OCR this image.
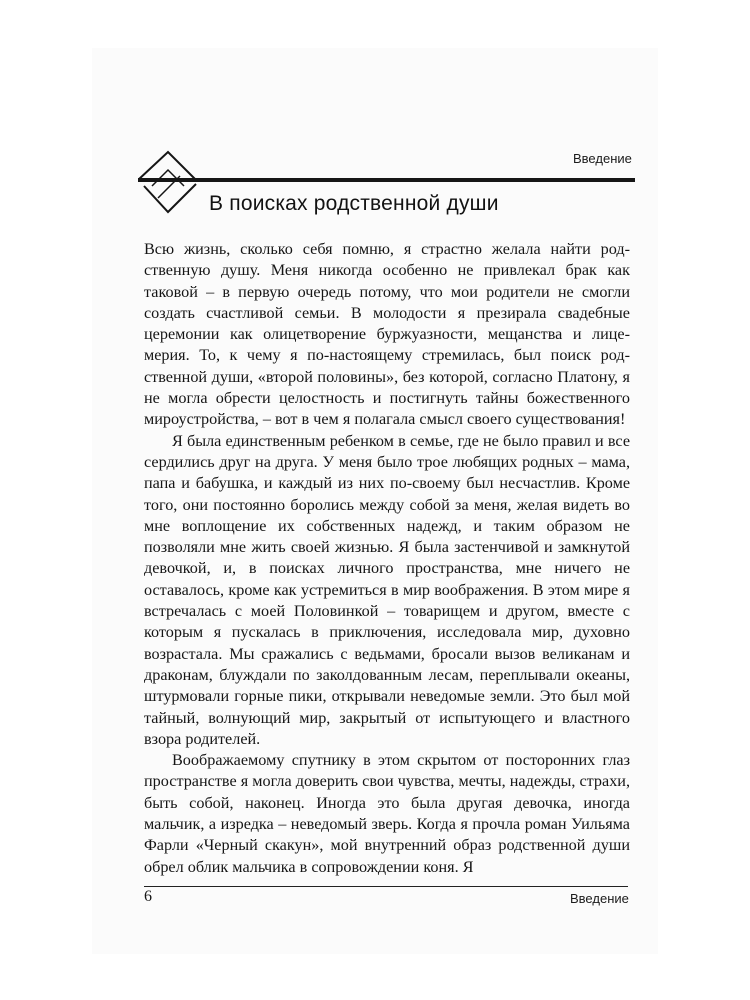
Введение
В поисках родственной души

Всю жизнь, сколько себя помню, я страстно желала найти родственную душу. Меня никогда особенно не привлекал брак как таковой – в первую очередь потому, что мои родители не смогли создать счастливой семьи. В молодости я презирала свадебные церемонии как олицетворение буржуазности, мещанства и лицемерия. То, к чему я по-настоящему стремилась, был поиск родственной души, «второй половины», без которой, согласно Платону, я не могла обрести целостность и постигнуть тайны божественного мироустройства, – вот в чем я полагала смысл своего существования!

Я была единственным ребенком в семье, где не было правил и все сердились друг на друга. У меня было трое любящих родных – мама, папа и бабушка, и каждый из них по-своему был несчастлив. Кроме того, они постоянно боролись между собой за меня, желая видеть во мне воплощение их собственных надежд, и таким образом не позволяли мне жить своей жизнью. Я была застенчивой и замкнутой девочкой, и, в поисках личного пространства, мне ничего не оставалось, кроме как устремиться в мир воображения. В этом мире я встречалась с моей Половинкой – товарищем и другом, вместе с которым я пускалась в приключения, исследовала мир, духовно возрастала. Мы сражались с ведьмами, бросали вызов великанам и драконам, блуждали по заколдованным лесам, переплывали океаны, штурмовали горные пики, открывали неведомые земли. Это был мой тайный, волнующий мир, закрытый от испытующего и властного взора родителей.

Воображаемому спутнику в этом скрытом от посторонних глаз пространстве я могла доверить свои чувства, мечты, надежды, страхи, быть собой, наконец. Иногда это была другая девочка, иногда мальчик, а изредка – неведомый зверь. Когда я прочла роман Уильяма Фарли «Черный скакун», мой внутренний образ родственной души обрел облик мальчика в сопровождении коня. Я

6	Введение
